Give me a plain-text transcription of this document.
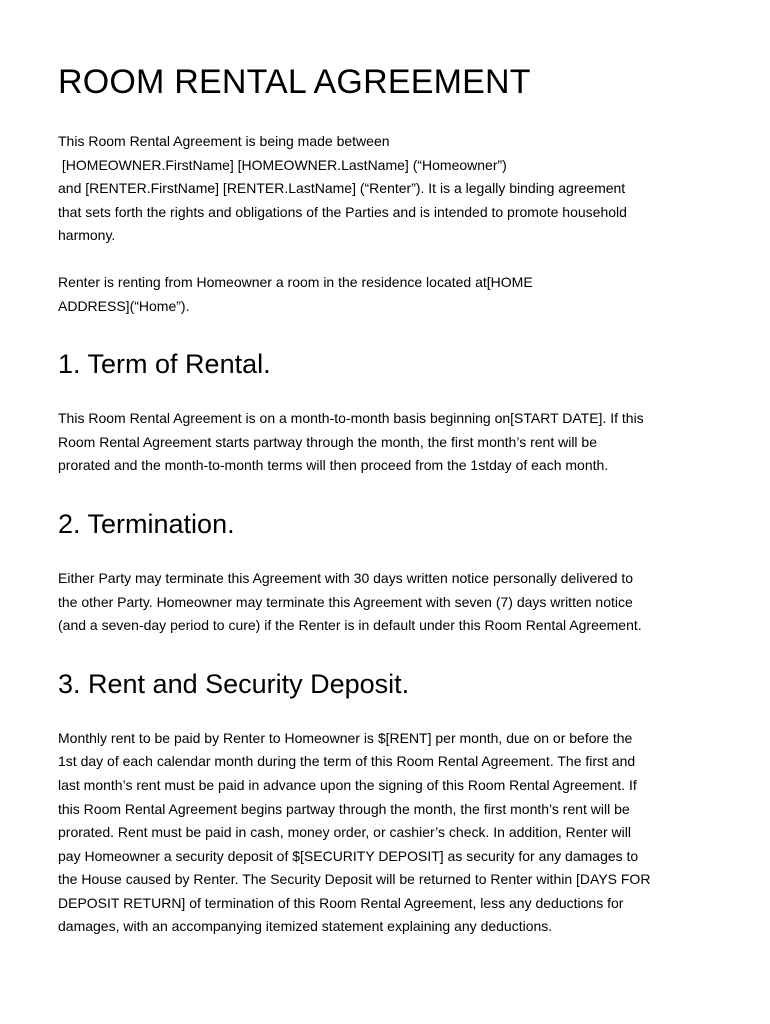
ROOM RENTAL AGREEMENT
This Room Rental Agreement is being made between
[HOMEOWNER.FirstName] [HOMEOWNER.LastName] (“Homeowner”)
and [RENTER.FirstName] [RENTER.LastName] (“Renter”). It is a legally binding agreement
that sets forth the rights and obligations of the Parties and is intended to promote household
harmony.
Renter is renting from Homeowner a room in the residence located at[HOME
ADDRESS](“Home”).
1. Term of Rental.
This Room Rental Agreement is on a month-to-month basis beginning on[START DATE]. If this
Room Rental Agreement starts partway through the month, the first month’s rent will be
prorated and the month-to-month terms will then proceed from the 1stday of each month.
2. Termination.
Either Party may terminate this Agreement with 30 days written notice personally delivered to
the other Party. Homeowner may terminate this Agreement with seven (7) days written notice
(and a seven-day period to cure) if the Renter is in default under this Room Rental Agreement.
3. Rent and Security Deposit.
Monthly rent to be paid by Renter to Homeowner is $[RENT] per month, due on or before the
1st day of each calendar month during the term of this Room Rental Agreement. The first and
last month’s rent must be paid in advance upon the signing of this Room Rental Agreement. If
this Room Rental Agreement begins partway through the month, the first month’s rent will be
prorated. Rent must be paid in cash, money order, or cashier’s check. In addition, Renter will
pay Homeowner a security deposit of $[SECURITY DEPOSIT] as security for any damages to
the House caused by Renter. The Security Deposit will be returned to Renter within [DAYS FOR
DEPOSIT RETURN] of termination of this Room Rental Agreement, less any deductions for
damages, with an accompanying itemized statement explaining any deductions.
